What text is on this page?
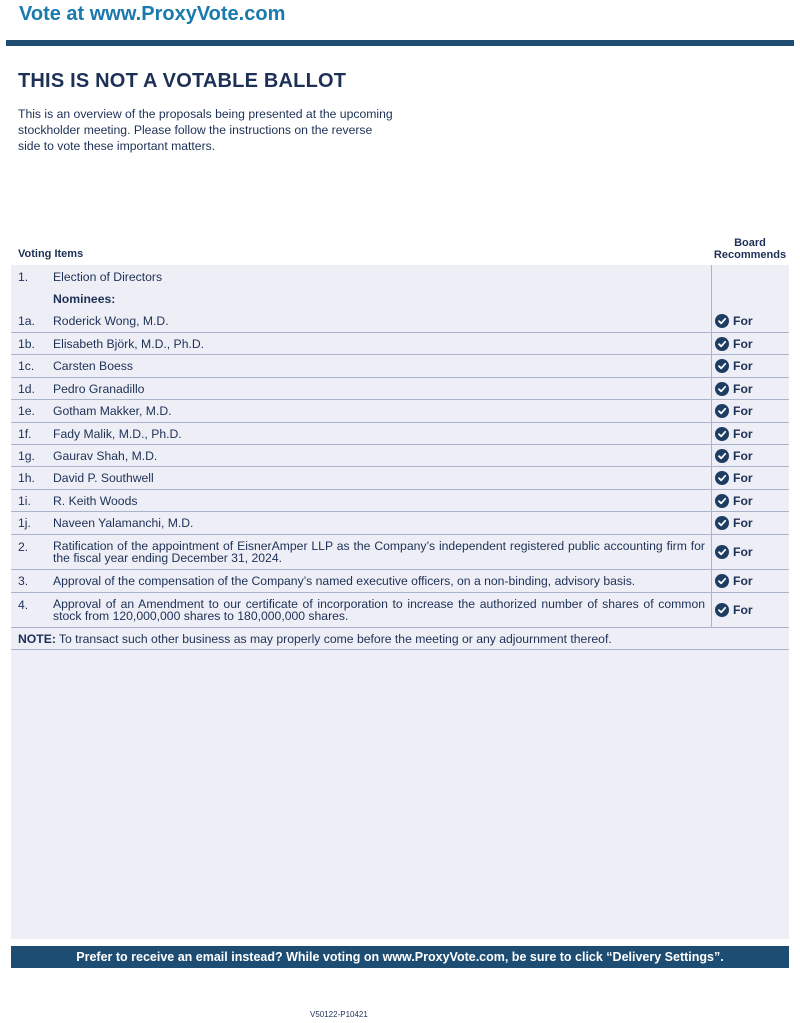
Vote at www.ProxyVote.com
THIS IS NOT A VOTABLE BALLOT
This is an overview of the proposals being presented at the upcoming stockholder meeting. Please follow the instructions on the reverse side to vote these important matters.
Voting Items
Board
Recommends
1.	Election of Directors
Nominees:
1a.	Roderick Wong, M.D.	For
1b.	Elisabeth Björk, M.D., Ph.D.	For
1c.	Carsten Boess	For
1d.	Pedro Granadillo	For
1e.	Gotham Makker, M.D.	For
1f.	Fady Malik, M.D., Ph.D.	For
1g.	Gaurav Shah, M.D.	For
1h.	David P. Southwell	For
1i.	R. Keith Woods	For
1j.	Naveen Yalamanchi, M.D.	For
2.	Ratification of the appointment of EisnerAmper LLP as the Company’s independent registered public accounting firm for the fiscal year ending December 31, 2024.	For
3.	Approval of the compensation of the Company’s named executive officers, on a non-binding, advisory basis.	For
4.	Approval of an Amendment to our certificate of incorporation to increase the authorized number of shares of common stock from 120,000,000 shares to 180,000,000 shares.	For
NOTE: To transact such other business as may properly come before the meeting or any adjournment thereof.
Prefer to receive an email instead? While voting on www.ProxyVote.com, be sure to click “Delivery Settings”.
V50122-P10421
